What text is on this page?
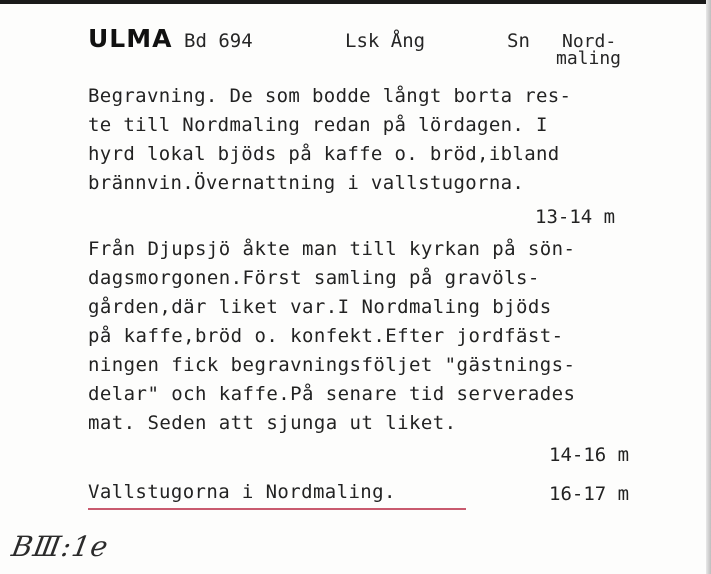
ULMA Bd 694	Lsk Ång	Sn Nord-
maling

Begravning. De som bodde långt borta res-
te till Nordmaling redan på lördagen. I
hyrd lokal bjöds på kaffe o. bröd,ibland
brännvin.Övernattning i vallstugorna.

13-14 m

Från Djupsjö åkte man till kyrkan på sön-
dagsmorgonen.Först samling på gravöls-
gården,där liket var.I Nordmaling bjöds
på kaffe,bröd o. konfekt.Efter jordfäst-
ningen fick begravningsföljet "gästnings-
delar" och kaffe.På senare tid serverades
mat. Seden att sjunga ut liket.

14-16 m
Vallstugorna i Nordmaling.	16-17 m
BⅢ:1e
